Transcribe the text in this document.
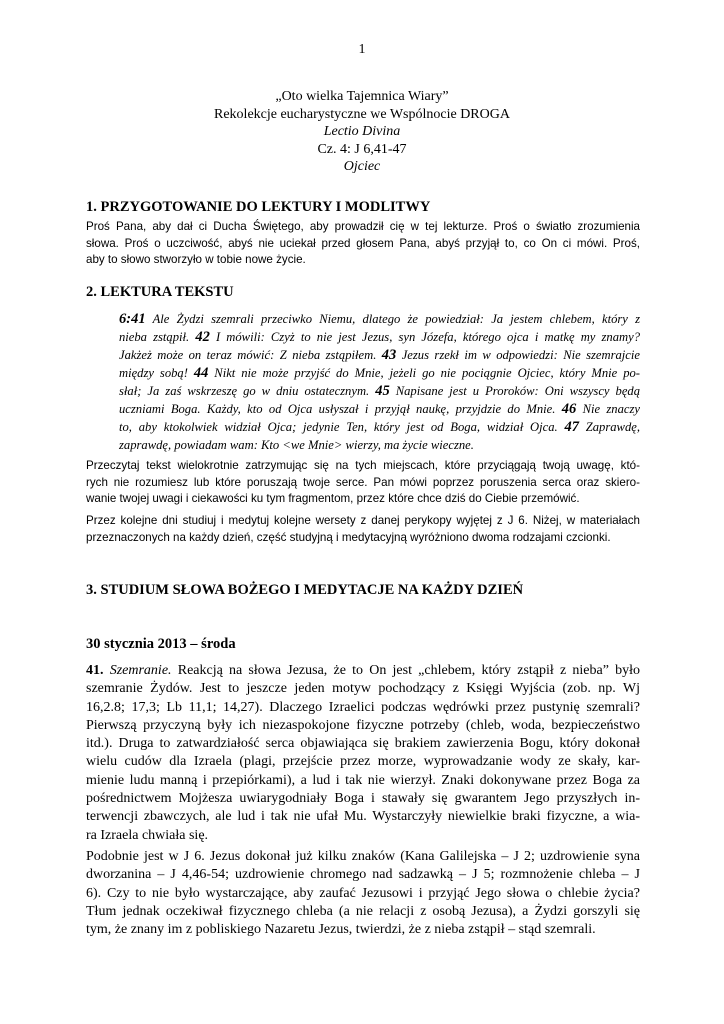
1
„Oto wielka Tajemnica Wiary”
Rekolekcje eucharystyczne we Wspólnocie DROGA
Lectio Divina
Cz. 4: J 6,41-47
Ojciec
1. PRZYGOTOWANIE DO LEKTURY I MODLITWY
Proś Pana, aby dał ci Ducha Świętego, aby prowadził cię w tej lekturze. Proś o światło zrozumienia
słowa. Proś o uczciwość, abyś nie uciekał przed głosem Pana, abyś przyjął to, co On ci mówi. Proś,
aby to słowo stworzyło w tobie nowe życie.
2. LEKTURA TEKSTU
6:41 Ale Żydzi szemrali przeciwko Niemu, dlatego że powiedział: Ja jestem chlebem, który z
nieba zstąpił. 42 I mówili: Czyż to nie jest Jezus, syn Józefa, którego ojca i matkę my znamy?
Jakżeż może on teraz mówić: Z nieba zstąpiłem. 43 Jezus rzekł im w odpowiedzi: Nie szemrajcie
między sobą! 44 Nikt nie może przyjść do Mnie, jeżeli go nie pociągnie Ojciec, który Mnie po-
słał; Ja zaś wskrzeszę go w dniu ostatecznym. 45 Napisane jest u Proroków: Oni wszyscy będą
uczniami Boga. Każdy, kto od Ojca usłyszał i przyjął naukę, przyjdzie do Mnie. 46 Nie znaczy
to, aby ktokolwiek widział Ojca; jedynie Ten, który jest od Boga, widział Ojca. 47 Zaprawdę,
zaprawdę, powiadam wam: Kto <we Mnie> wierzy, ma życie wieczne.
Przeczytaj tekst wielokrotnie zatrzymując się na tych miejscach, które przyciągają twoją uwagę, któ-
rych nie rozumiesz lub które poruszają twoje serce. Pan mówi poprzez poruszenia serca oraz skiero-
wanie twojej uwagi i ciekawości ku tym fragmentom, przez które chce dziś do Ciebie przemówić.
Przez kolejne dni studiuj i medytuj kolejne wersety z danej perykopy wyjętej z J 6. Niżej, w materiałach
przeznaczonych na każdy dzień, część studyjną i medytacyjną wyróżniono dwoma rodzajami czcionki.
3. STUDIUM SŁOWA BOŻEGO I MEDYTACJE NA KAŻDY DZIEŃ
30 stycznia 2013 – środa
41. Szemranie. Reakcją na słowa Jezusa, że to On jest „chlebem, który zstąpił z nieba” było
szemranie Żydów. Jest to jeszcze jeden motyw pochodzący z Księgi Wyjścia (zob. np. Wj
16,2.8; 17,3; Lb 11,1; 14,27). Dlaczego Izraelici podczas wędrówki przez pustynię szemrali?
Pierwszą przyczyną były ich niezaspokojone fizyczne potrzeby (chleb, woda, bezpieczeństwo
itd.). Druga to zatwardziałość serca objawiająca się brakiem zawierzenia Bogu, który dokonał
wielu cudów dla Izraela (plagi, przejście przez morze, wyprowadzanie wody ze skały, kar-
mienie ludu manną i przepiórkami), a lud i tak nie wierzył. Znaki dokonywane przez Boga za
pośrednictwem Mojżesza uwiarygodniały Boga i stawały się gwarantem Jego przyszłych in-
terwencji zbawczych, ale lud i tak nie ufał Mu. Wystarczyły niewielkie braki fizyczne, a wia-
ra Izraela chwiała się.
Podobnie jest w J 6. Jezus dokonał już kilku znaków (Kana Galilejska – J 2; uzdrowienie syna
dworzanina – J 4,46-54; uzdrowienie chromego nad sadzawką – J 5; rozmnożenie chleba – J
6). Czy to nie było wystarczające, aby zaufać Jezusowi i przyjąć Jego słowa o chlebie życia?
Tłum jednak oczekiwał fizycznego chleba (a nie relacji z osobą Jezusa), a Żydzi gorszyli się
tym, że znany im z pobliskiego Nazaretu Jezus, twierdzi, że z nieba zstąpił – stąd szemrali.
